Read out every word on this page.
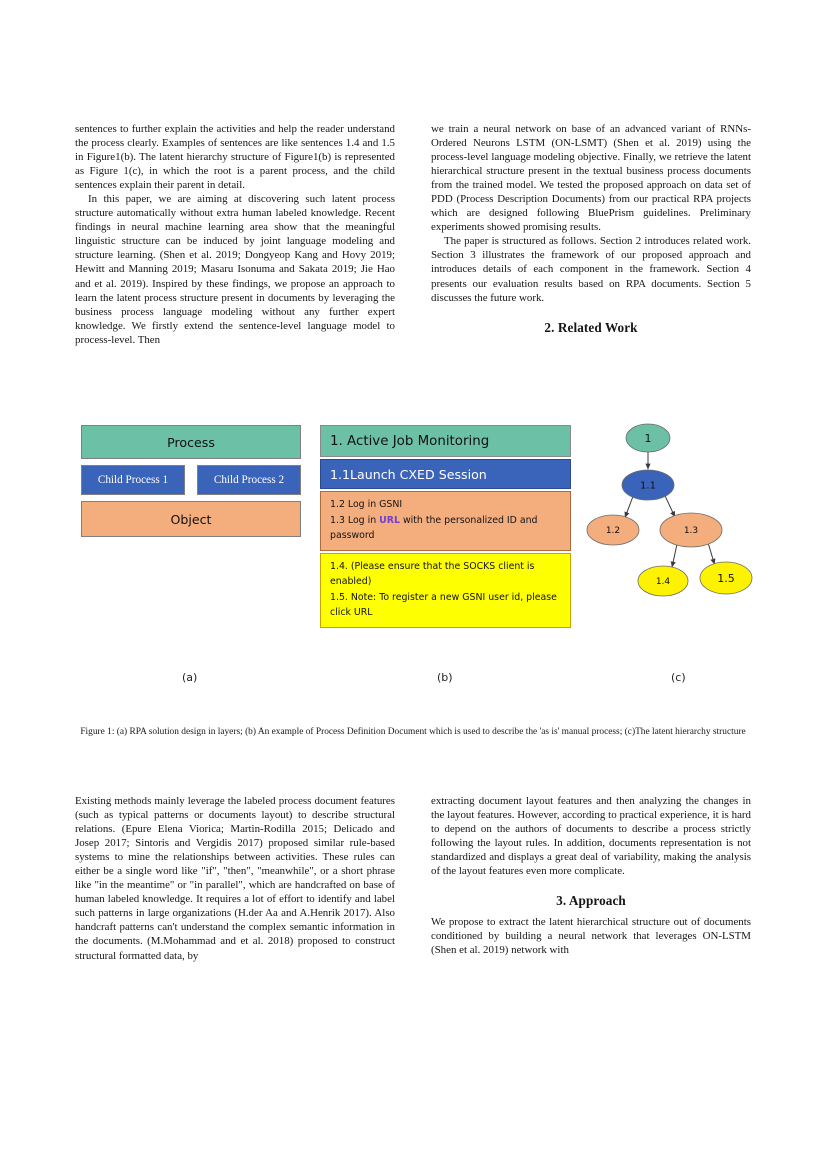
sentences to further explain the activities and help the reader understand the process clearly. Examples of sentences are like sentences 1.4 and 1.5 in Figure1(b). The latent hierarchy structure of Figure1(b) is represented as Figure 1(c), in which the root is a parent process, and the child sentences explain their parent in detail.

In this paper, we are aiming at discovering such latent process structure automatically without extra human labeled knowledge. Recent findings in neural machine learning area show that the meaningful linguistic structure can be induced by joint language modeling and structure learning. (Shen et al. 2019; Dongyeop Kang and Hovy 2019; Hewitt and Manning 2019; Masaru Isonuma and Sakata 2019; Jie Hao and et al. 2019). Inspired by these findings, we propose an approach to learn the latent process structure present in documents by leveraging the business process language modeling without any further expert knowledge. We firstly extend the sentence-level language model to process-level. Then

we train a neural network on base of an advanced variant of RNNs-Ordered Neurons LSTM (ON-LSMT) (Shen et al. 2019) using the process-level language modeling objective. Finally, we retrieve the latent hierarchical structure present in the textual business process documents from the trained model. We tested the proposed approach on data set of PDD (Process Description Documents) from our practical RPA projects which are designed following BluePrism guidelines. Preliminary experiments showed promising results.

The paper is structured as follows. Section 2 introduces related work. Section 3 illustrates the framework of our proposed approach and introduces details of each component in the framework. Section 4 presents our evaluation results based on RPA documents. Section 5 discusses the future work.

2. Related Work
Process
Child Process 1	Child Process 2
Object
1. Active Job Monitoring
1.1Launch CXED Session
1.2 Log in GSNI
1.3 Log in URL with the personalized ID and password
1.4. (Please ensure that the SOCKS client is enabled)
1.5. Note: To register a new GSNI user id, please click URL
1
1.1
1.2	1.3
1.4	1.5
(a)	(b)	(c)
Figure 1: (a) RPA solution design in layers; (b) An example of Process Definition Document which is used to describe the 'as is' manual process; (c)The latent hierarchy structure

Existing methods mainly leverage the labeled process document features (such as typical patterns or documents layout) to describe structural relations. (Epure Elena Viorica; Martin-Rodilla 2015; Delicado and Josep 2017; Sintoris and Vergidis 2017) proposed similar rule-based systems to mine the relationships between activities. These rules can either be a single word like "if", "then", "meanwhile", or a short phrase like "in the meantime" or "in parallel", which are handcrafted on base of human labeled knowledge. It requires a lot of effort to identify and label such patterns in large organizations (H.der Aa and A.Henrik 2017). Also handcraft patterns can't understand the complex semantic information in the documents. (M.Mohammad and et al. 2018) proposed to construct structural formatted data, by

extracting document layout features and then analyzing the changes in the layout features. However, according to practical experience, it is hard to depend on the authors of documents to describe a process strictly following the layout rules. In addition, documents representation is not standardized and displays a great deal of variability, making the analysis of the layout features even more complicate.

3. Approach

We propose to extract the latent hierarchical structure out of documents conditioned by building a neural network that leverages ON-LSTM (Shen et al. 2019) network with
